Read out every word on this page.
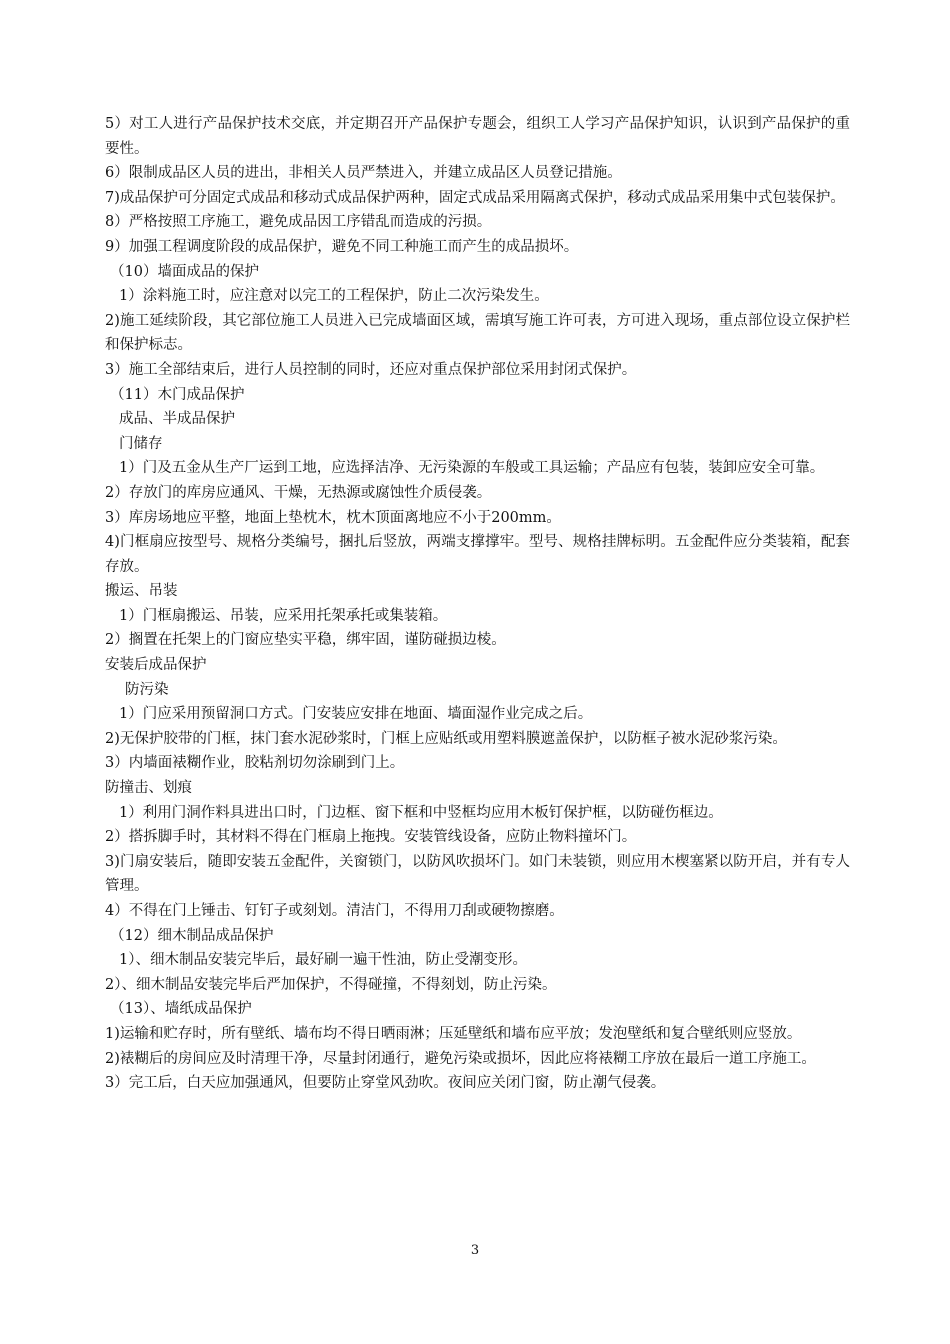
5）对工人进行产品保护技术交底，并定期召开产品保护专题会，组织工人学习产品保护知识，认识到产品保护的重要性。

6）限制成品区人员的进出，非相关人员严禁进入，并建立成品区人员登记措施。

7)成品保护可分固定式成品和移动式成品保护两种，固定式成品采用隔离式保护，移动式成品采用集中式包装保护。

8）严格按照工序施工，避免成品因工序错乱而造成的污损。

9）加强工程调度阶段的成品保护，避免不同工种施工而产生的成品损坏。

（10）墙面成品的保护

1）涂料施工时，应注意对以完工的工程保护，防止二次污染发生。

2)施工延续阶段，其它部位施工人员进入已完成墙面区域，需填写施工许可表，方可进入现场，重点部位设立保护栏和保护标志。

3）施工全部结束后，进行人员控制的同时，还应对重点保护部位采用封闭式保护。

（11）木门成品保护

成品、半成品保护

门储存

1）门及五金从生产厂运到工地，应选择洁净、无污染源的车般或工具运输；产品应有包装，装卸应安全可靠。

2）存放门的库房应通风、干燥，无热源或腐蚀性介质侵袭。

3）库房场地应平整，地面上垫枕木，枕木顶面离地应不小于200mm。

4)门框扇应按型号、规格分类编号，捆扎后竖放，两端支撑撑牢。型号、规格挂牌标明。五金配件应分类装箱，配套存放。

搬运、吊装

1）门框扇搬运、吊装，应采用托架承托或集装箱。

2）搁置在托架上的门窗应垫实平稳，绑牢固，谨防碰损边棱。

安装后成品保护

防污染

1）门应采用预留洞口方式。门安装应安排在地面、墙面湿作业完成之后。

2)无保护胶带的门框，抹门套水泥砂浆时，门框上应贴纸或用塑料膜遮盖保护，以防框子被水泥砂浆污染。

3）内墙面裱糊作业，胶粘剂切勿涂刷到门上。

防撞击、划痕

1）利用门洞作料具进出口时，门边框、窗下框和中竖框均应用木板钉保护框，以防碰伤框边。

2）搭拆脚手时，其材料不得在门框扇上拖拽。安装管线设备，应防止物料撞坏门。

3)门扇安装后，随即安装五金配件，关窗锁门，以防风吹损坏门。如门未装锁，则应用木楔塞紧以防开启，并有专人管理。

4）不得在门上锤击、钉钉子或刻划。清洁门，不得用刀刮或硬物擦磨。

（12）细木制品成品保护

1）、细木制品安装完毕后，最好刷一遍干性油，防止受潮变形。

2）、细木制品安装完毕后严加保护，不得碰撞，不得刻划，防止污染。

（13）、墙纸成品保护

1)运输和贮存时，所有壁纸、墙布均不得日晒雨淋；压延壁纸和墙布应平放；发泡壁纸和复合壁纸则应竖放。

2)裱糊后的房间应及时清理干净，尽量封闭通行，避免污染或损坏，因此应将裱糊工序放在最后一道工序施工。

3）完工后，白天应加强通风，但要防止穿堂风劲吹。夜间应关闭门窗，防止潮气侵袭。

3
